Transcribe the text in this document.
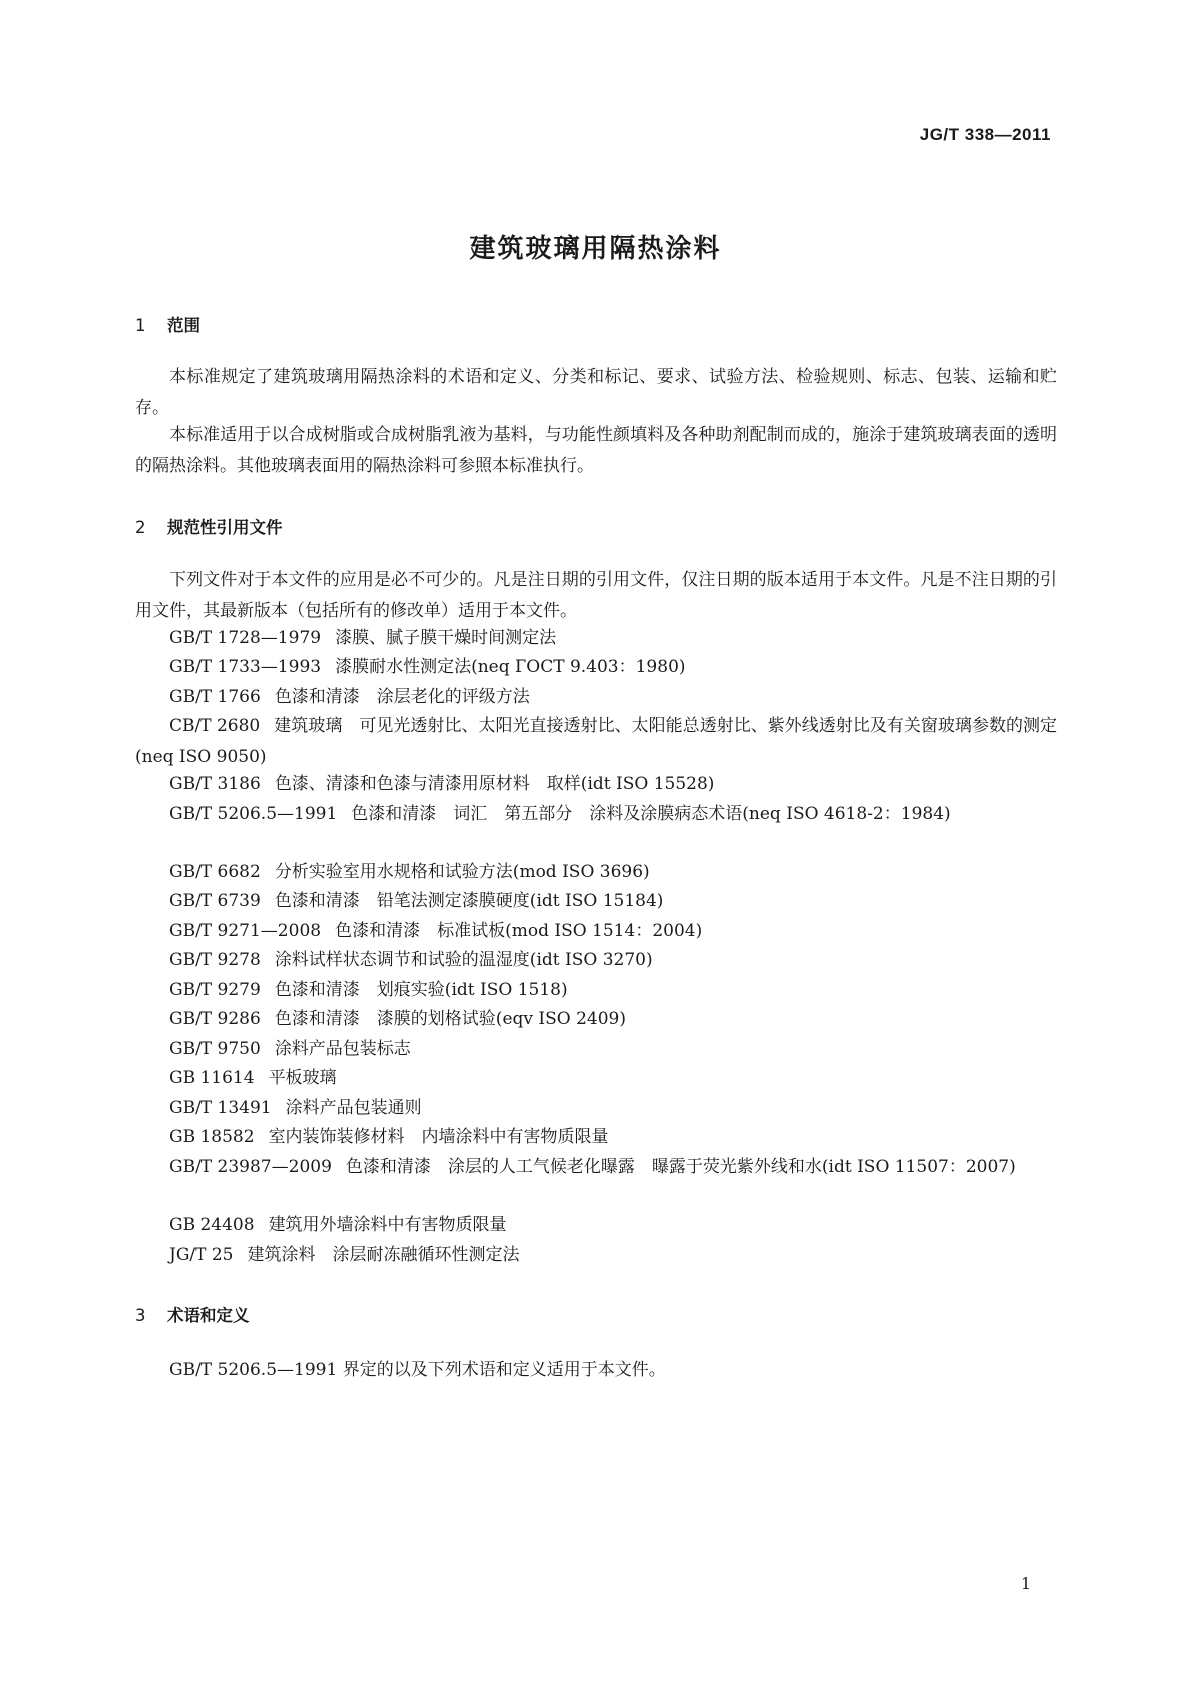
JG/T 338—2011
建筑玻璃用隔热涂料
1 范围

本标准规定了建筑玻璃用隔热涂料的术语和定义、分类和标记、要求、试验方法、检验规则、标志、包装、运输和贮存。

本标准适用于以合成树脂或合成树脂乳液为基料，与功能性颜填料及各种助剂配制而成的，施涂于建筑玻璃表面的透明的隔热涂料。其他玻璃表面用的隔热涂料可参照本标准执行。

2 规范性引用文件

下列文件对于本文件的应用是必不可少的。凡是注日期的引用文件，仅注日期的版本适用于本文件。凡是不注日期的引用文件，其最新版本（包括所有的修改单）适用于本文件。

GB/T 1728—1979 漆膜、腻子膜干燥时间测定法

GB/T 1733—1993 漆膜耐水性测定法(neq ГОСТ 9.403：1980)

GB/T 1766 色漆和清漆　涂层老化的评级方法

CB/T 2680 建筑玻璃　可见光透射比、太阳光直接透射比、太阳能总透射比、紫外线透射比及有关窗玻璃参数的测定(neq ISO 9050)

GB/T 3186 色漆、清漆和色漆与清漆用原材料　取样(idt ISO 15528)

GB/T 5206.5—1991 色漆和清漆　词汇　第五部分　涂料及涂膜病态术语(neq ISO 4618-2：1984)

GB/T 6682 分析实验室用水规格和试验方法(mod ISO 3696)

GB/T 6739 色漆和清漆　铅笔法测定漆膜硬度(idt ISO 15184)

GB/T 9271—2008 色漆和清漆　标准试板(mod ISO 1514：2004)

GB/T 9278 涂料试样状态调节和试验的温湿度(idt ISO 3270)

GB/T 9279 色漆和清漆　划痕实验(idt ISO 1518)

GB/T 9286 色漆和清漆　漆膜的划格试验(eqv ISO 2409)

GB/T 9750 涂料产品包装标志

GB 11614 平板玻璃

GB/T 13491 涂料产品包装通则

GB 18582 室内装饰装修材料　内墙涂料中有害物质限量

GB/T 23987—2009 色漆和清漆　涂层的人工气候老化曝露　曝露于荧光紫外线和水(idt ISO 11507：2007)

GB 24408 建筑用外墙涂料中有害物质限量

JG/T 25 建筑涂料　涂层耐冻融循环性测定法

3 术语和定义

GB/T 5206.5—1991 界定的以及下列术语和定义适用于本文件。

1
